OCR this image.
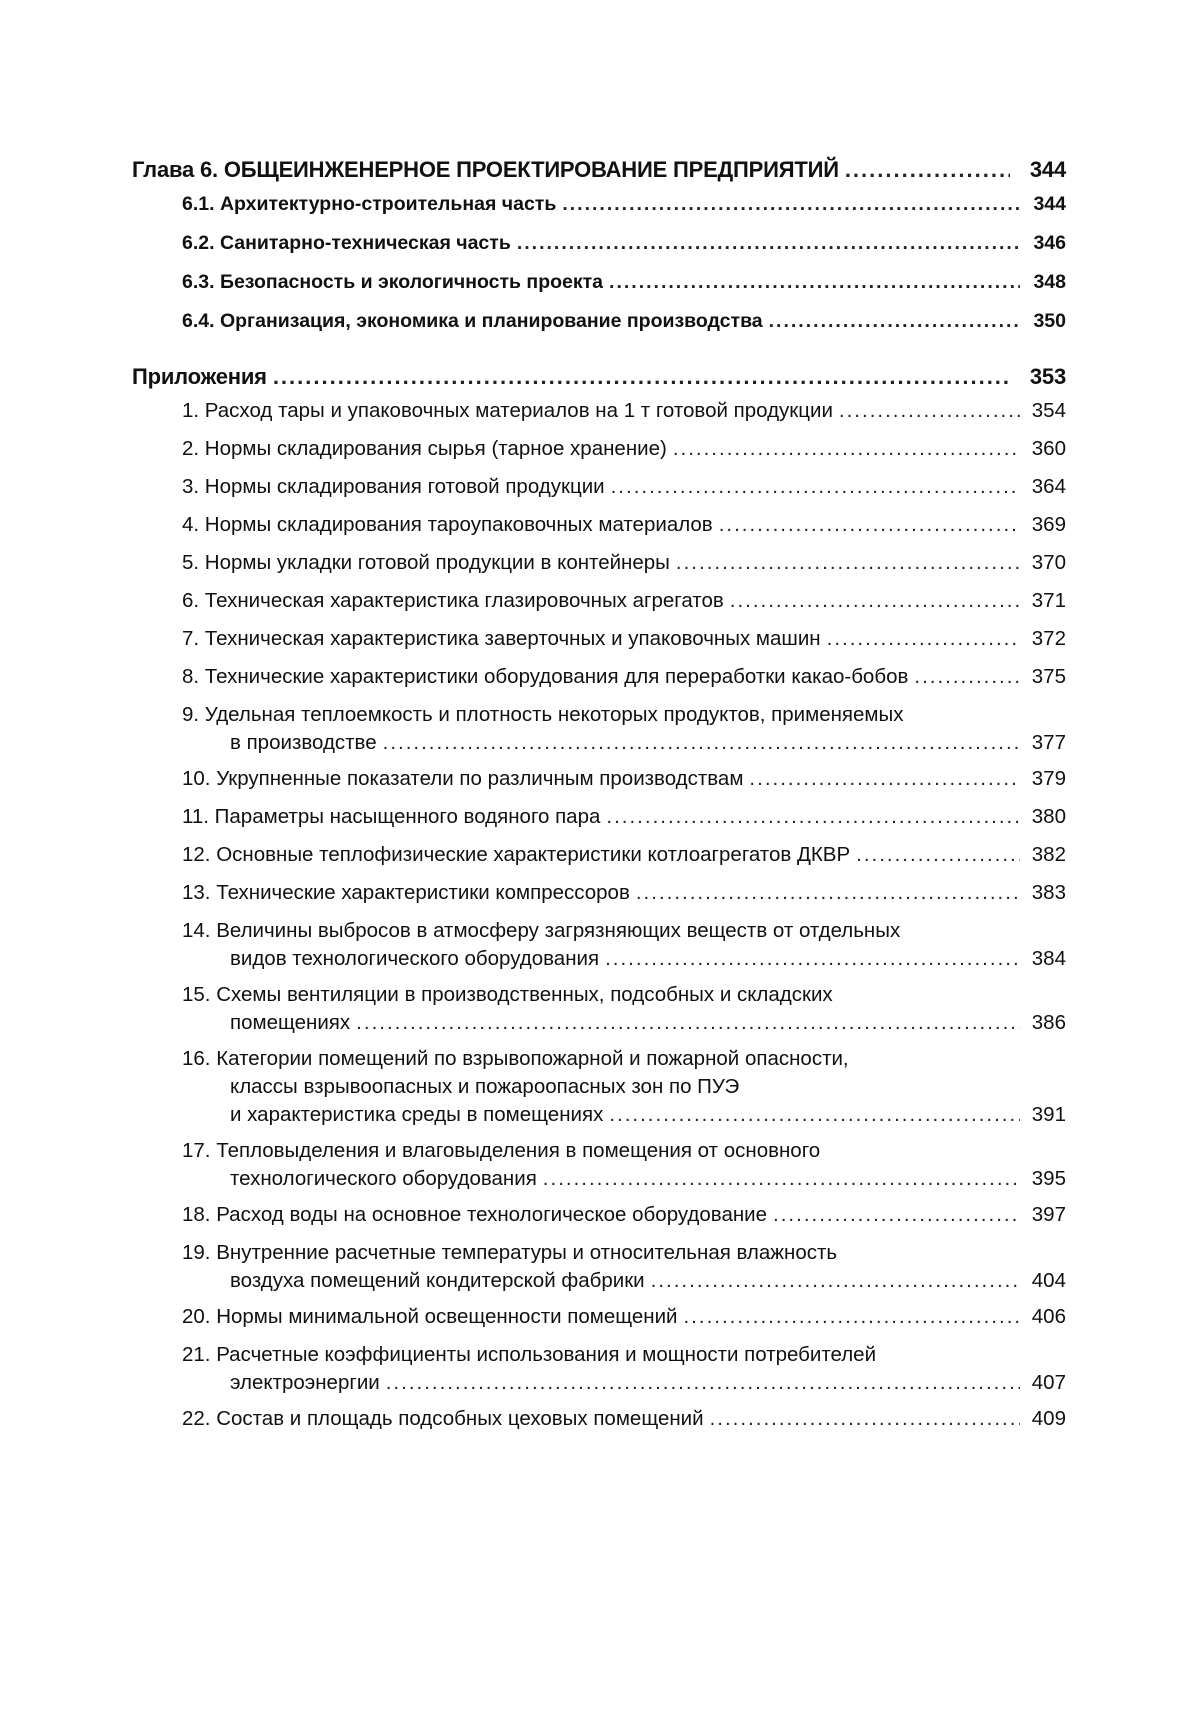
Глава 6. ОБЩЕИНЖЕНЕРНОЕ ПРОЕКТИРОВАНИЕ ПРЕДПРИЯТИЙ .....	344
6.1. Архитектурно-строительная часть .....	344
6.2. Санитарно-техническая часть .....	346
6.3. Безопасность и экологичность проекта .....	348
6.4. Организация, экономика и планирование производства .....	350
Приложения .....	353
1. Расход тары и упаковочных материалов на 1 т готовой продукции .....	354
2. Нормы складирования сырья (тарное хранение) .....	360
3. Нормы складирования готовой продукции .....	364
4. Нормы складирования тароупаковочных материалов .....	369
5. Нормы укладки готовой продукции в контейнеры .....	370
6. Техническая характеристика глазировочных агрегатов .....	371
7. Техническая характеристика заверточных и упаковочных машин .....	372
8. Технические характеристики оборудования для переработки какао-бобов .....	375
9. Удельная теплоемкость и плотность некоторых продуктов, применяемых
в производстве .....	377
10. Укрупненные показатели по различным производствам .....	379
11. Параметры насыщенного водяного пара .....	380
12. Основные теплофизические характеристики котлоагрегатов ДКВР .....	382
13. Технические характеристики компрессоров .....	383
14. Величины выбросов в атмосферу загрязняющих веществ от отдельных
видов технологического оборудования .....	384
15. Схемы вентиляции в производственных, подсобных и складских
помещениях .....	386
16. Категории помещений по взрывопожарной и пожарной опасности,
классы взрывоопасных и пожароопасных зон по ПУЭ
и характеристика среды в помещениях .....	391
17. Тепловыделения и влаговыделения в помещения от основного
технологического оборудования .....	395
18. Расход воды на основное технологическое оборудование .....	397
19. Внутренние расчетные температуры и относительная влажность
воздуха помещений кондитерской фабрики .....	404
20. Нормы минимальной освещенности помещений .....	406
21. Расчетные коэффициенты использования и мощности потребителей
электроэнергии .....	407
22. Состав и площадь подсобных цеховых помещений .....	409
